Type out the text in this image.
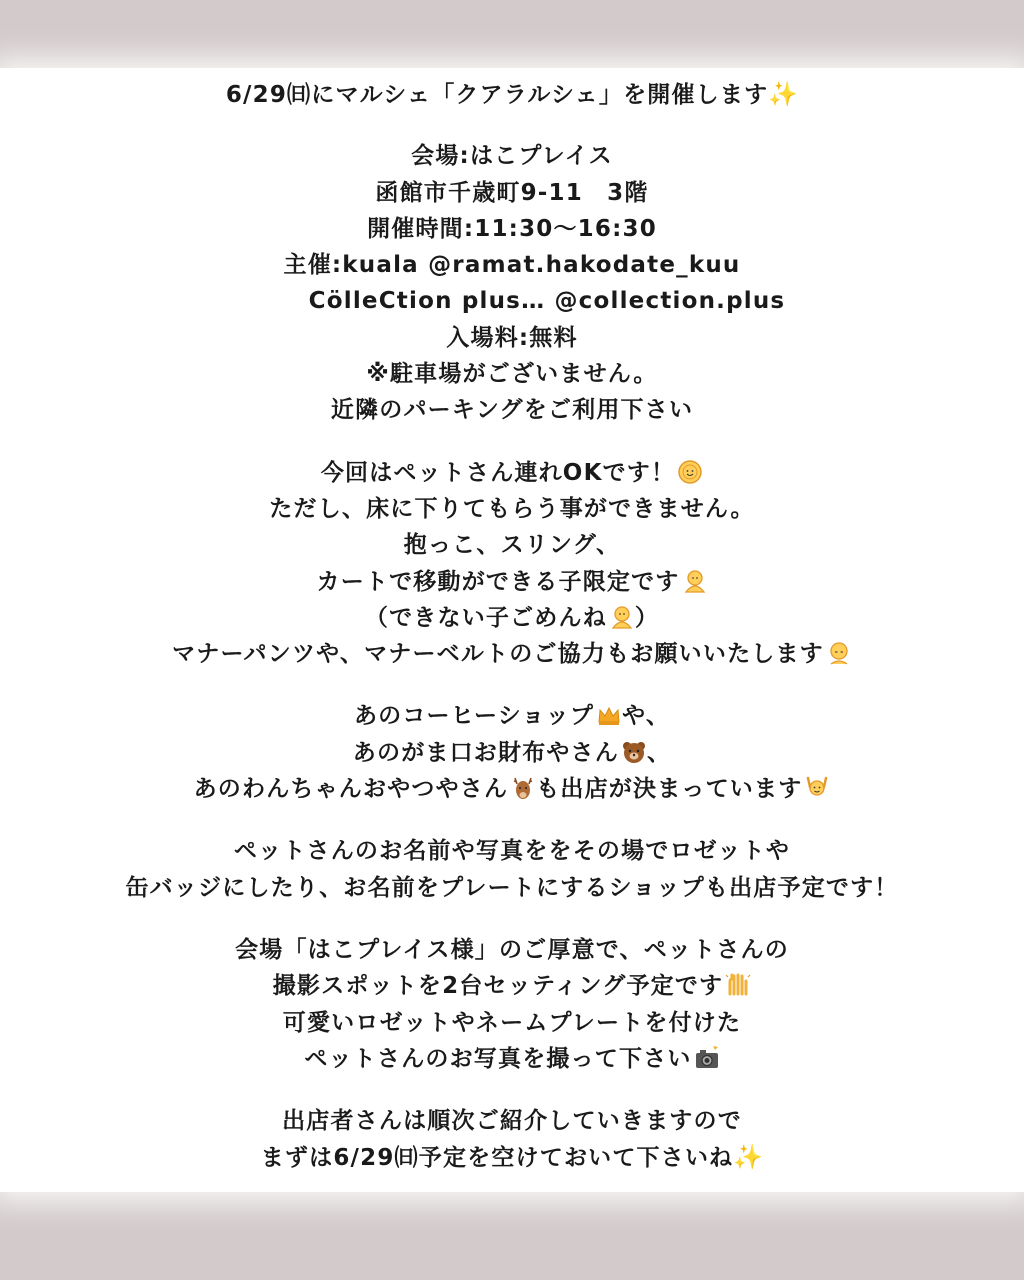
6/29㈰にマルシェ「クアラルシェ」を開催します✨
会場:はこプレイス
函館市千歳町9-11　3階
開催時間:11:30〜16:30
主催:kuala @ramat.hakodate_kuu
CölleCtion plus… @collection.plus
入場料:無料
※駐車場がございません。
近隣のパーキングをご利用下さい
今回はペットさん連れOKです！
ただし、床に下りてもらう事ができません。
抱っこ、スリング、
カートで移動ができる子限定です
（できない子ごめんね ）
マナーパンツや、マナーベルトのご協力もお願いいたします
あのコーヒーショップ や、
あのがま口お財布やさん 、
あのわんちゃんおやつやさん も出店が決まっています
ペットさんのお名前や写真ををその場でロゼットや
缶バッジにしたり、お名前をプレートにするショップも出店予定です！
会場「はこプレイス様」のご厚意で、ペットさんの
撮影スポットを2台セッティング予定です
可愛いロゼットやネームプレートを付けた
ペットさんのお写真を撮って下さい
出店者さんは順次ご紹介していきますので
まずは6/29㈰予定を空けておいて下さいね✨
